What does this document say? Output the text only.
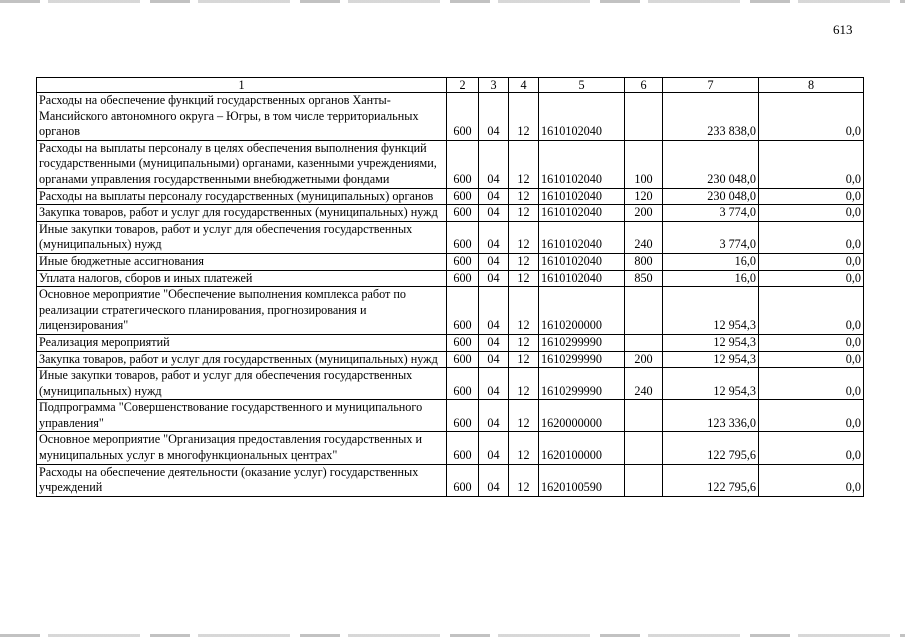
613
1	2	3	4	5	6	7	8
Расходы на обеспечение функций государственных органов Ханты-Мансийского автономного округа – Югры, в том числе территориальных органов	600	04	12	1610102040		233 838,0	0,0
Расходы на выплаты персоналу в целях обеспечения выполнения функций государственными (муниципальными) органами, казенными учреждениями, органами управления государственными внебюджетными фондами	600	04	12	1610102040	100	230 048,0	0,0
Расходы на выплаты персоналу государственных (муниципальных) органов	600	04	12	1610102040	120	230 048,0	0,0
Закупка товаров, работ и услуг для государственных (муниципальных) нужд	600	04	12	1610102040	200	3 774,0	0,0
Иные закупки товаров, работ и услуг для обеспечения государственных (муниципальных) нужд	600	04	12	1610102040	240	3 774,0	0,0
Иные бюджетные ассигнования	600	04	12	1610102040	800	16,0	0,0
Уплата налогов, сборов и иных платежей	600	04	12	1610102040	850	16,0	0,0
Основное мероприятие "Обеспечение выполнения комплекса работ по реализации стратегического планирования, прогнозирования и лицензирования"	600	04	12	1610200000		12 954,3	0,0
Реализация мероприятий	600	04	12	1610299990		12 954,3	0,0
Закупка товаров, работ и услуг для государственных (муниципальных) нужд	600	04	12	1610299990	200	12 954,3	0,0
Иные закупки товаров, работ и услуг для обеспечения государственных (муниципальных) нужд	600	04	12	1610299990	240	12 954,3	0,0
Подпрограмма "Совершенствование государственного и муниципального управления"	600	04	12	1620000000		123 336,0	0,0
Основное мероприятие "Организация предоставления государственных и муниципальных услуг в многофункциональных центрах"	600	04	12	1620100000		122 795,6	0,0
Расходы на обеспечение деятельности (оказание услуг) государственных учреждений	600	04	12	1620100590		122 795,6	0,0
